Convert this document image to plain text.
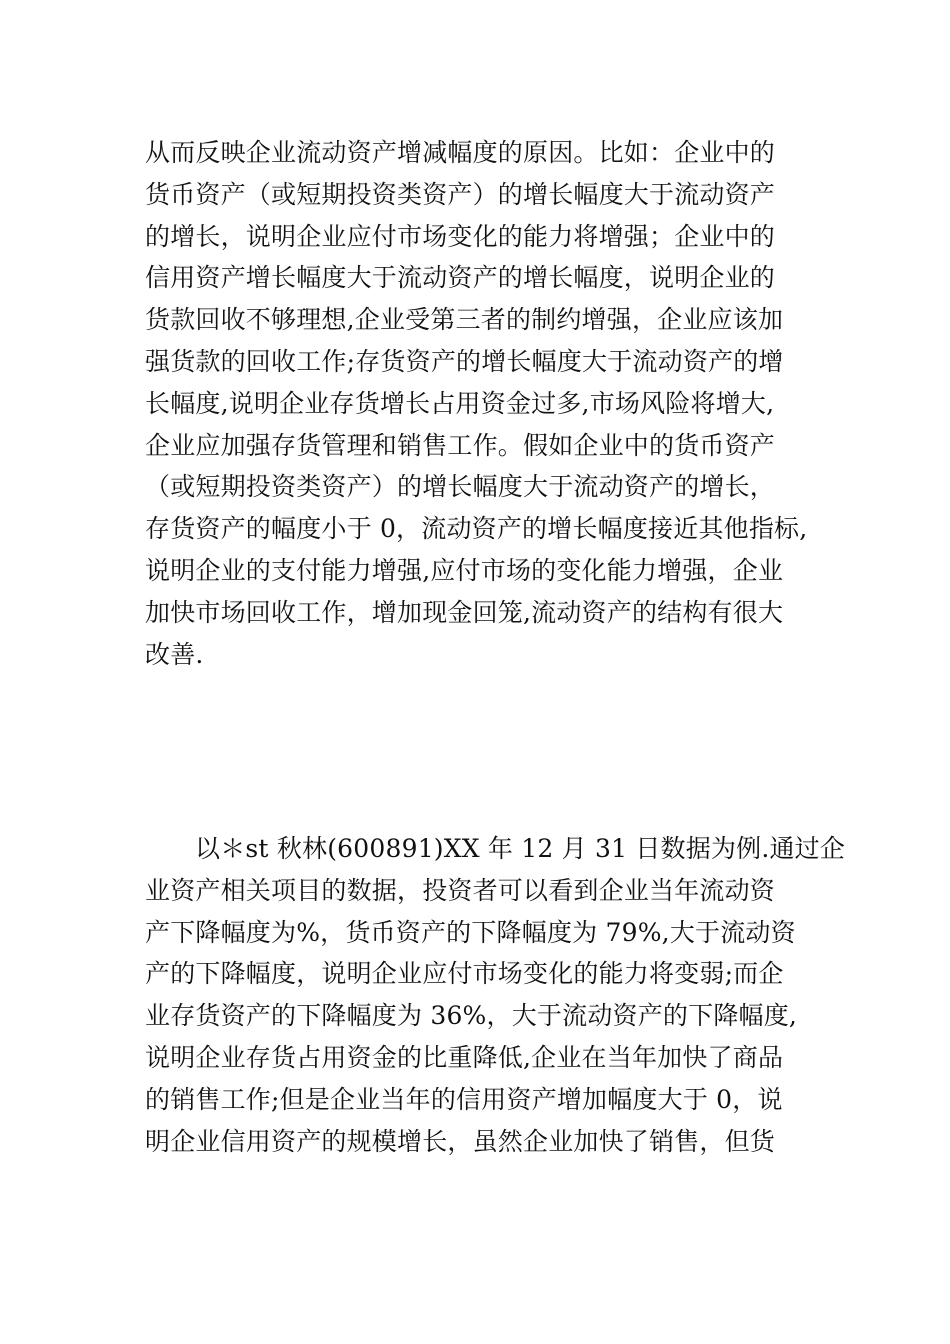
从而反映企业流动资产增减幅度的原因。比如：企业中的
货币资产（或短期投资类资产）的增长幅度大于流动资产
的增长，说明企业应付市场变化的能力将增强；企业中的
信用资产增长幅度大于流动资产的增长幅度，说明企业的
货款回收不够理想,企业受第三者的制约增强，企业应该加
强货款的回收工作;存货资产的增长幅度大于流动资产的增
长幅度,说明企业存货增长占用资金过多,市场风险将增大,
企业应加强存货管理和销售工作。假如企业中的货币资产
（或短期投资类资产）的增长幅度大于流动资产的增长，
存货资产的幅度小于 0，流动资产的增长幅度接近其他指标,
说明企业的支付能力增强,应付市场的变化能力增强，企业
加快市场回收工作，增加现金回笼,流动资产的结构有很大
改善.

以＊st 秋林(600891)XX 年 12 月 31 日数据为例.通过企
业资产相关项目的数据，投资者可以看到企业当年流动资
产下降幅度为%，货币资产的下降幅度为 79%,大于流动资
产的下降幅度，说明企业应付市场变化的能力将变弱;而企
业存货资产的下降幅度为 36%，大于流动资产的下降幅度,
说明企业存货占用资金的比重降低,企业在当年加快了商品
的销售工作;但是企业当年的信用资产增加幅度大于 0，说
明企业信用资产的规模增长，虽然企业加快了销售，但货
